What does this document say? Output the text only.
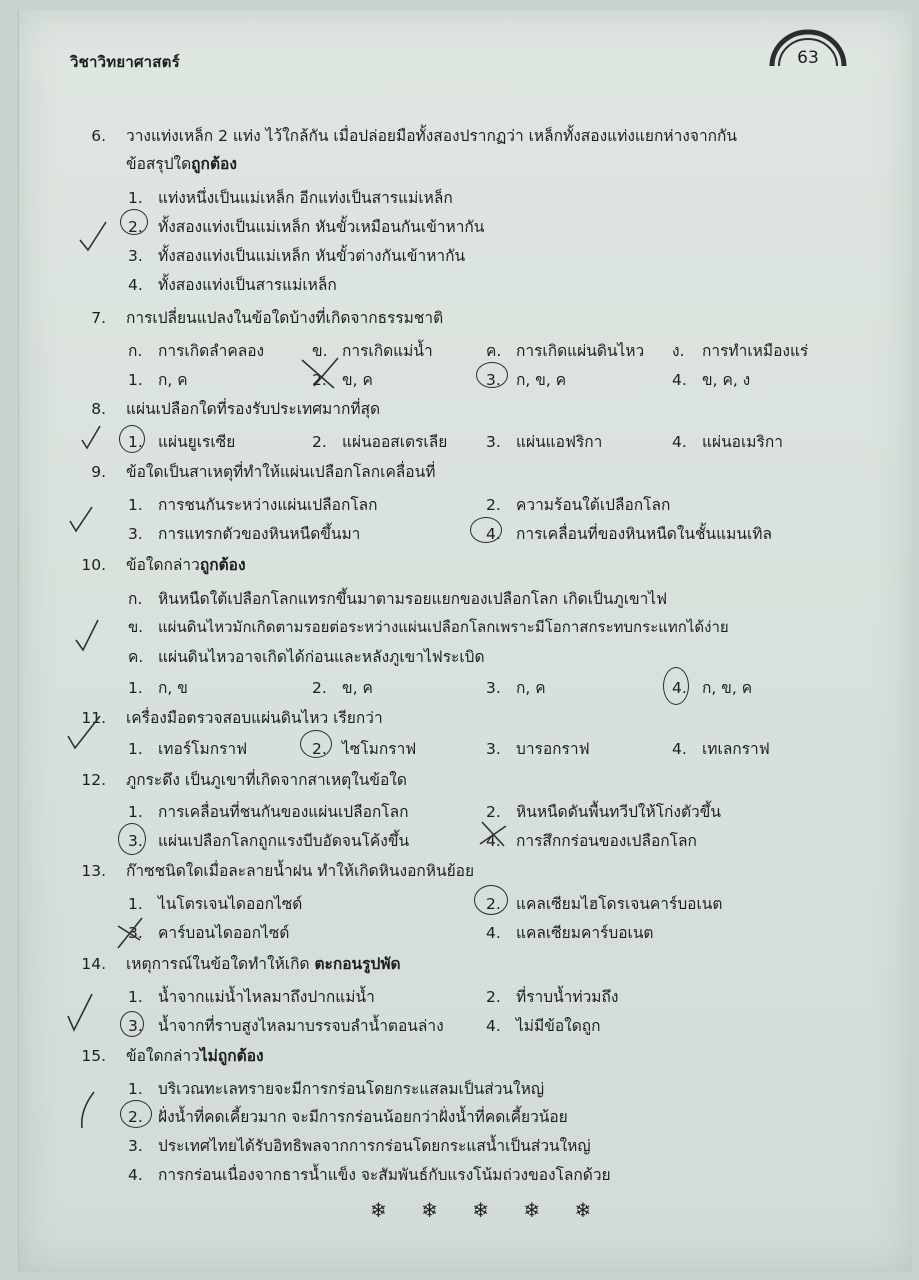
วิชาวิทยาศาสตร์	63
6. วางแท่งเหล็ก 2 แท่ง ไว้ใกล้กัน เมื่อปล่อยมือทั้งสองปรากฏว่า เหล็กทั้งสองแท่งแยกห่างจากกัน
ข้อสรุปใดถูกต้อง
1. แท่งหนึ่งเป็นแม่เหล็ก อีกแท่งเป็นสารแม่เหล็ก
2. ทั้งสองแท่งเป็นแม่เหล็ก หันขั้วเหมือนกันเข้าหากัน
3. ทั้งสองแท่งเป็นแม่เหล็ก หันขั้วต่างกันเข้าหากัน
4. ทั้งสองแท่งเป็นสารแม่เหล็ก
7. การเปลี่ยนแปลงในข้อใดบ้างที่เกิดจากธรรมชาติ
ก. การเกิดลำคลอง	ข. การเกิดแม่น้ำ	ค. การเกิดแผ่นดินไหว ง. การทำเหมืองแร่
1. ก, ค	2. ข, ค	3. ก, ข, ค	4. ข, ค, ง
8. แผ่นเปลือกใดที่รองรับประเทศมากที่สุด
1. แผ่นยูเรเซีย	2. แผ่นออสเตรเลีย 3. แผ่นแอฟริกา	4. แผ่นอเมริกา
9. ข้อใดเป็นสาเหตุที่ทำให้แผ่นเปลือกโลกเคลื่อนที่
1. การชนกันระหว่างแผ่นเปลือกโลก	2. ความร้อนใต้เปลือกโลก
3. การแทรกตัวของหินหนืดขึ้นมา	4. การเคลื่อนที่ของหินหนืดในชั้นแมนเทิล
10. ข้อใดกล่าวถูกต้อง
ก. หินหนืดใต้เปลือกโลกแทรกขึ้นมาตามรอยแยกของเปลือกโลก เกิดเป็นภูเขาไฟ
ข. แผ่นดินไหวมักเกิดตามรอยต่อระหว่างแผ่นเปลือกโลกเพราะมีโอกาสกระทบกระแทกได้ง่าย
ค. แผ่นดินไหวอาจเกิดได้ก่อนและหลังภูเขาไฟระเบิด
1. ก, ข	2. ข, ค	3. ก, ค	4. ก, ข, ค
11. เครื่องมือตรวจสอบแผ่นดินไหว เรียกว่า
1. เทอร์โมกราฟ	2. ไซโมกราฟ	3. บารอกราฟ	4. เทเลกราฟ
12. ภูกระดึง เป็นภูเขาที่เกิดจากสาเหตุในข้อใด
1. การเคลื่อนที่ชนกันของแผ่นเปลือกโลก	2. หินหนืดดันพื้นทวีปให้โก่งตัวขึ้น
3. แผ่นเปลือกโลกถูกแรงบีบอัดจนโค้งขึ้น	4. การสึกกร่อนของเปลือกโลก
13. ก๊าซชนิดใดเมื่อละลายน้ำฝน ทำให้เกิดหินงอกหินย้อย
1. ไนโตรเจนไดออกไซด์	2. แคลเซียมไฮโดรเจนคาร์บอเนต
3. คาร์บอนไดออกไซด์	4. แคลเซียมคาร์บอเนต
14. เหตุการณ์ในข้อใดทำให้เกิด ตะกอนรูปพัด
1. น้ำจากแม่น้ำไหลมาถึงปากแม่น้ำ	2. ที่ราบน้ำท่วมถึง
3. น้ำจากที่ราบสูงไหลมาบรรจบลำน้ำตอนล่าง	4. ไม่มีข้อใดถูก
15. ข้อใดกล่าวไม่ถูกต้อง
1. บริเวณทะเลทรายจะมีการกร่อนโดยกระแสลมเป็นส่วนใหญ่
2. ฝั่งน้ำที่คดเคี้ยวมาก จะมีการกร่อนน้อยกว่าฝั่งน้ำที่คดเคี้ยวน้อย
3. ประเทศไทยได้รับอิทธิพลจากการกร่อนโดยกระแสน้ำเป็นส่วนใหญ่
4. การกร่อนเนื่องจากธารน้ำแข็ง จะสัมพันธ์กับแรงโน้มถ่วงของโลกด้วย
❄ ❄ ❄ ❄ ❄
